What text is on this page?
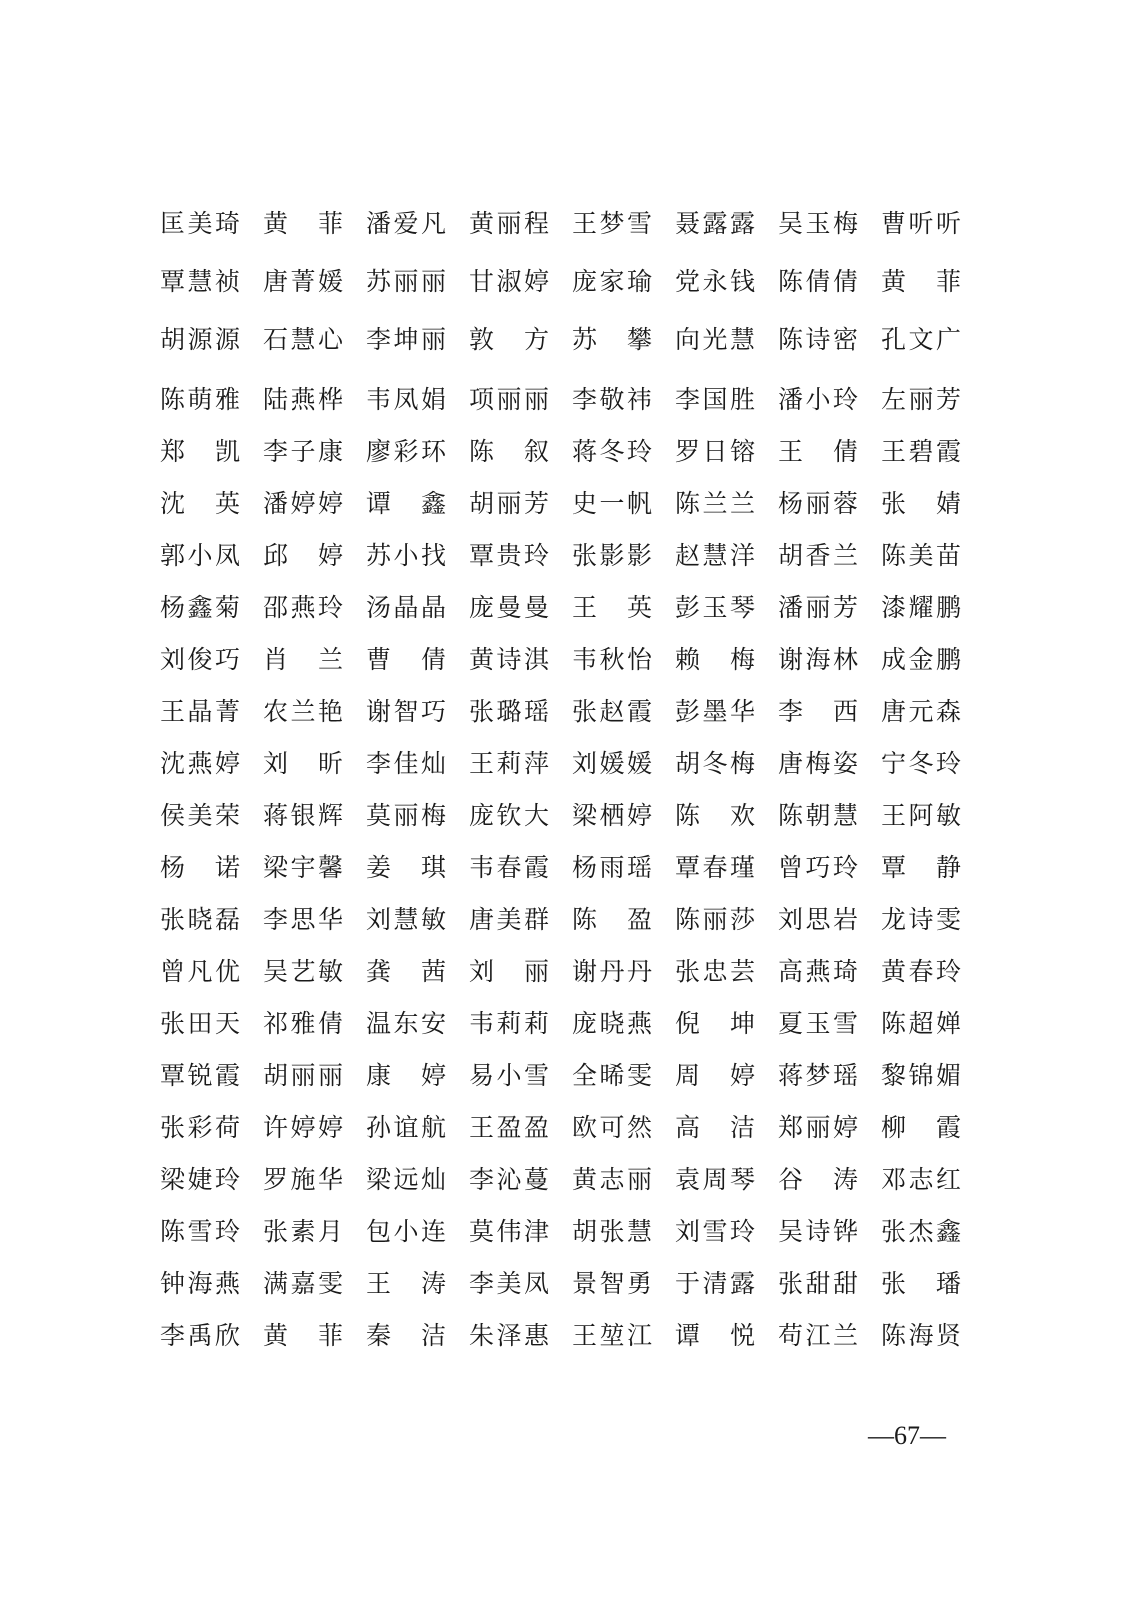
匡 美 琦 黄 菲 潘 爱 凡 黄 丽 程 王 梦 雪 聂 露 露 吴 玉 梅 曹 听 听
覃 慧 祯 唐 菁 媛 苏 丽 丽 甘 淑 婷 庞 家 瑜 党 永 钱 陈 倩 倩 黄 菲
胡 源 源 石 慧 心 李 坤 丽 敦 方 苏 攀 向 光 慧 陈 诗 密 孔 文 广
陈 萌 雅 陆 燕 桦 韦 凤 娟 项 丽 丽 李 敬 祎 李 国 胜 潘 小 玲 左 丽 芳
郑 凯 李 子 康 廖 彩 环 陈 叙 蒋 冬 玲 罗 日 镕 王 倩 王 碧 霞
沈 英 潘 婷 婷 谭 鑫 胡 丽 芳 史 一 帆 陈 兰 兰 杨 丽 蓉 张 婧
郭 小 凤 邱 婷 苏 小 找 覃 贵 玲 张 影 影 赵 慧 洋 胡 香 兰 陈 美 苗
杨 鑫 菊 邵 燕 玲 汤 晶 晶 庞 曼 曼 王 英 彭 玉 琴 潘 丽 芳 漆 耀 鹏
刘 俊 巧 肖 兰 曹 倩 黄 诗 淇 韦 秋 怡 赖 梅 谢 海 林 成 金 鹏
王 晶 菁 农 兰 艳 谢 智 巧 张 璐 瑶 张 赵 霞 彭 墨 华 李 西 唐 元 森
沈 燕 婷 刘 昕 李 佳 灿 王 莉 萍 刘 媛 媛 胡 冬 梅 唐 梅 姿 宁 冬 玲
侯 美 荣 蒋 银 辉 莫 丽 梅 庞 钦 大 梁 栖 婷 陈 欢 陈 朝 慧 王 阿 敏
杨 诺 梁 宇 馨 姜 琪 韦 春 霞 杨 雨 瑶 覃 春 瑾 曾 巧 玲 覃 静
张 晓 磊 李 思 华 刘 慧 敏 唐 美 群 陈 盈 陈 丽 莎 刘 思 岩 龙 诗 雯
曾 凡 优 吴 艺 敏 龚 茜 刘 丽 谢 丹 丹 张 忠 芸 高 燕 琦 黄 春 玲
张 田 天 祁 雅 倩 温 东 安 韦 莉 莉 庞 晓 燕 倪 坤 夏 玉 雪 陈 超 婵
覃 锐 霞 胡 丽 丽 康 婷 易 小 雪 全 晞 雯 周 婷 蒋 梦 瑶 黎 锦 媚
张 彩 荷 许 婷 婷 孙 谊 航 王 盈 盈 欧 可 然 高 洁 郑 丽 婷 柳 霞
梁 婕 玲 罗 施 华 梁 远 灿 李 沁 蔓 黄 志 丽 袁 周 琴 谷 涛 邓 志 红
陈 雪 玲 张 素 月 包 小 连 莫 伟 津 胡 张 慧 刘 雪 玲 吴 诗 铧 张 杰 鑫
钟 海 燕 满 嘉 雯 王 涛 李 美 凤 景 智 勇 于 清 露 张 甜 甜 张 璠
李 禹 欣 黄 菲 秦 洁 朱 泽 惠 王 堃 江 谭 悦 苟 江 兰 陈 海 贤
—67—
